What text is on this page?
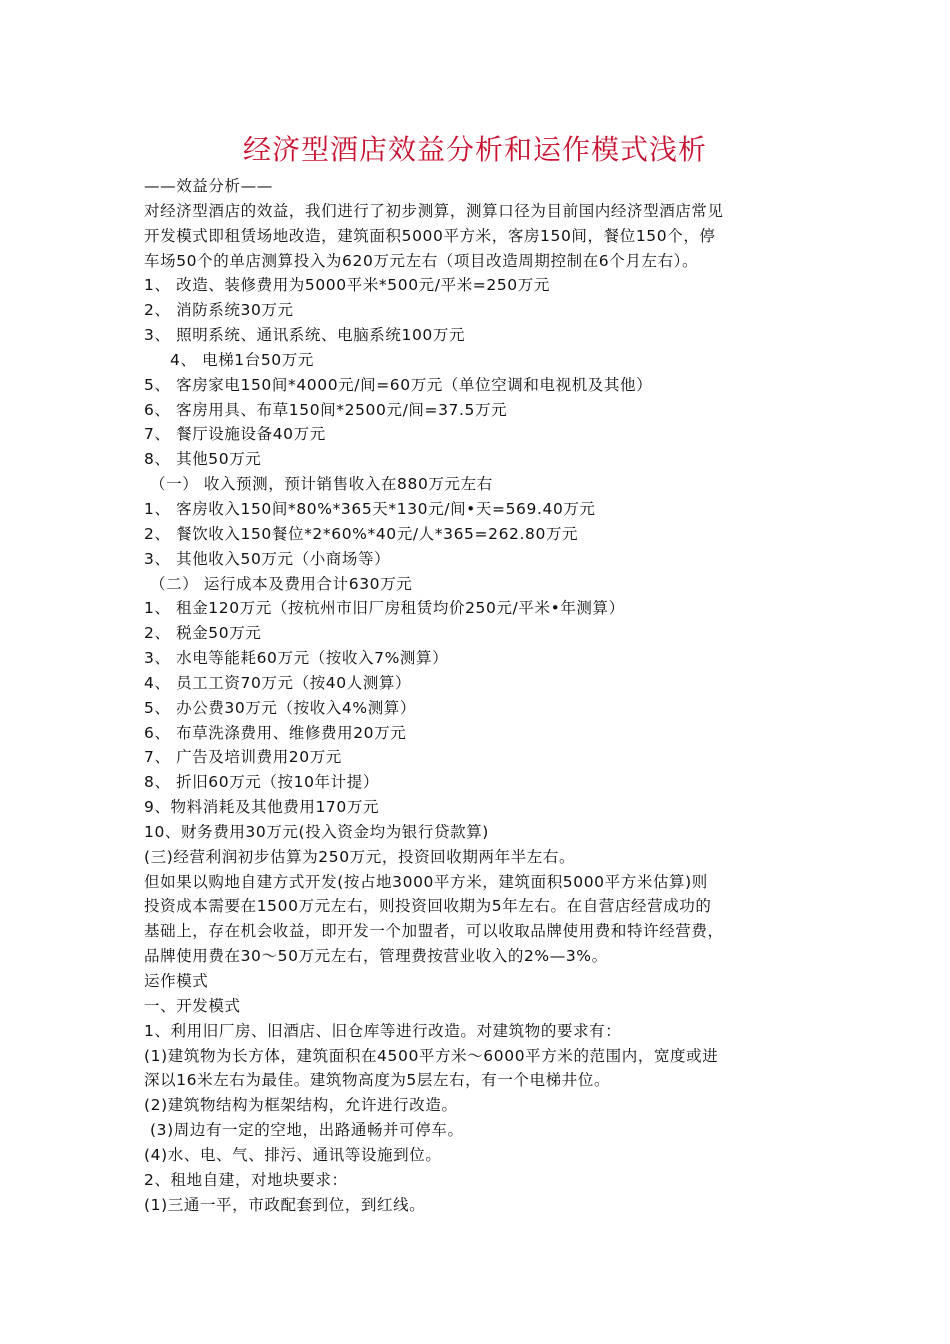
经济型酒店效益分析和运作模式浅析
——效益分析——
对经济型酒店的效益，我们进行了初步测算，测算口径为目前国内经济型酒店常见
开发模式即租赁场地改造，建筑面积5000平方米，客房150间，餐位150个，停
车场50个的单店测算投入为620万元左右（项目改造周期控制在6个月左右）。
1、 改造、装修费用为5000平米*500元/平米=250万元
2、 消防系统30万元
3、 照明系统、通讯系统、电脑系统100万元
4、 电梯1台50万元
5、 客房家电150间*4000元/间=60万元（单位空调和电视机及其他）
6、 客房用具、布草150间*2500元/间=37.5万元
7、 餐厅设施设备40万元
8、 其他50万元
（一） 收入预测，预计销售收入在880万元左右
1、 客房收入150间*80%*365天*130元/间•天=569.40万元
2、 餐饮收入150餐位*2*60%*40元/人*365=262.80万元
3、 其他收入50万元（小商场等）
（二） 运行成本及费用合计630万元
1、 租金120万元（按杭州市旧厂房租赁均价250元/平米•年测算）
2、 税金50万元
3、 水电等能耗60万元（按收入7%测算）
4、 员工工资70万元（按40人测算）
5、 办公费30万元（按收入4%测算）
6、 布草洗涤费用、维修费用20万元
7、 广告及培训费用20万元
8、 折旧60万元（按10年计提）
9、物料消耗及其他费用170万元
10、财务费用30万元(投入资金均为银行贷款算)
(三)经营利润初步估算为250万元，投资回收期两年半左右。
但如果以购地自建方式开发(按占地3000平方米，建筑面积5000平方米估算)则
投资成本需要在1500万元左右，则投资回收期为5年左右。在自营店经营成功的
基础上，存在机会收益，即开发一个加盟者，可以收取品牌使用费和特许经营费，
品牌使用费在30～50万元左右，管理费按营业收入的2%—3%。
运作模式
一、开发模式
1、利用旧厂房、旧酒店、旧仓库等进行改造。对建筑物的要求有：
(1)建筑物为长方体，建筑面积在4500平方米～6000平方米的范围内，宽度或进
深以16米左右为最佳。建筑物高度为5层左右，有一个电梯井位。
(2)建筑物结构为框架结构，允许进行改造。
(3)周边有一定的空地，出路通畅并可停车。
(4)水、电、气、排污、通讯等设施到位。
2、租地自建，对地块要求：
(1)三通一平，市政配套到位，到红线。
